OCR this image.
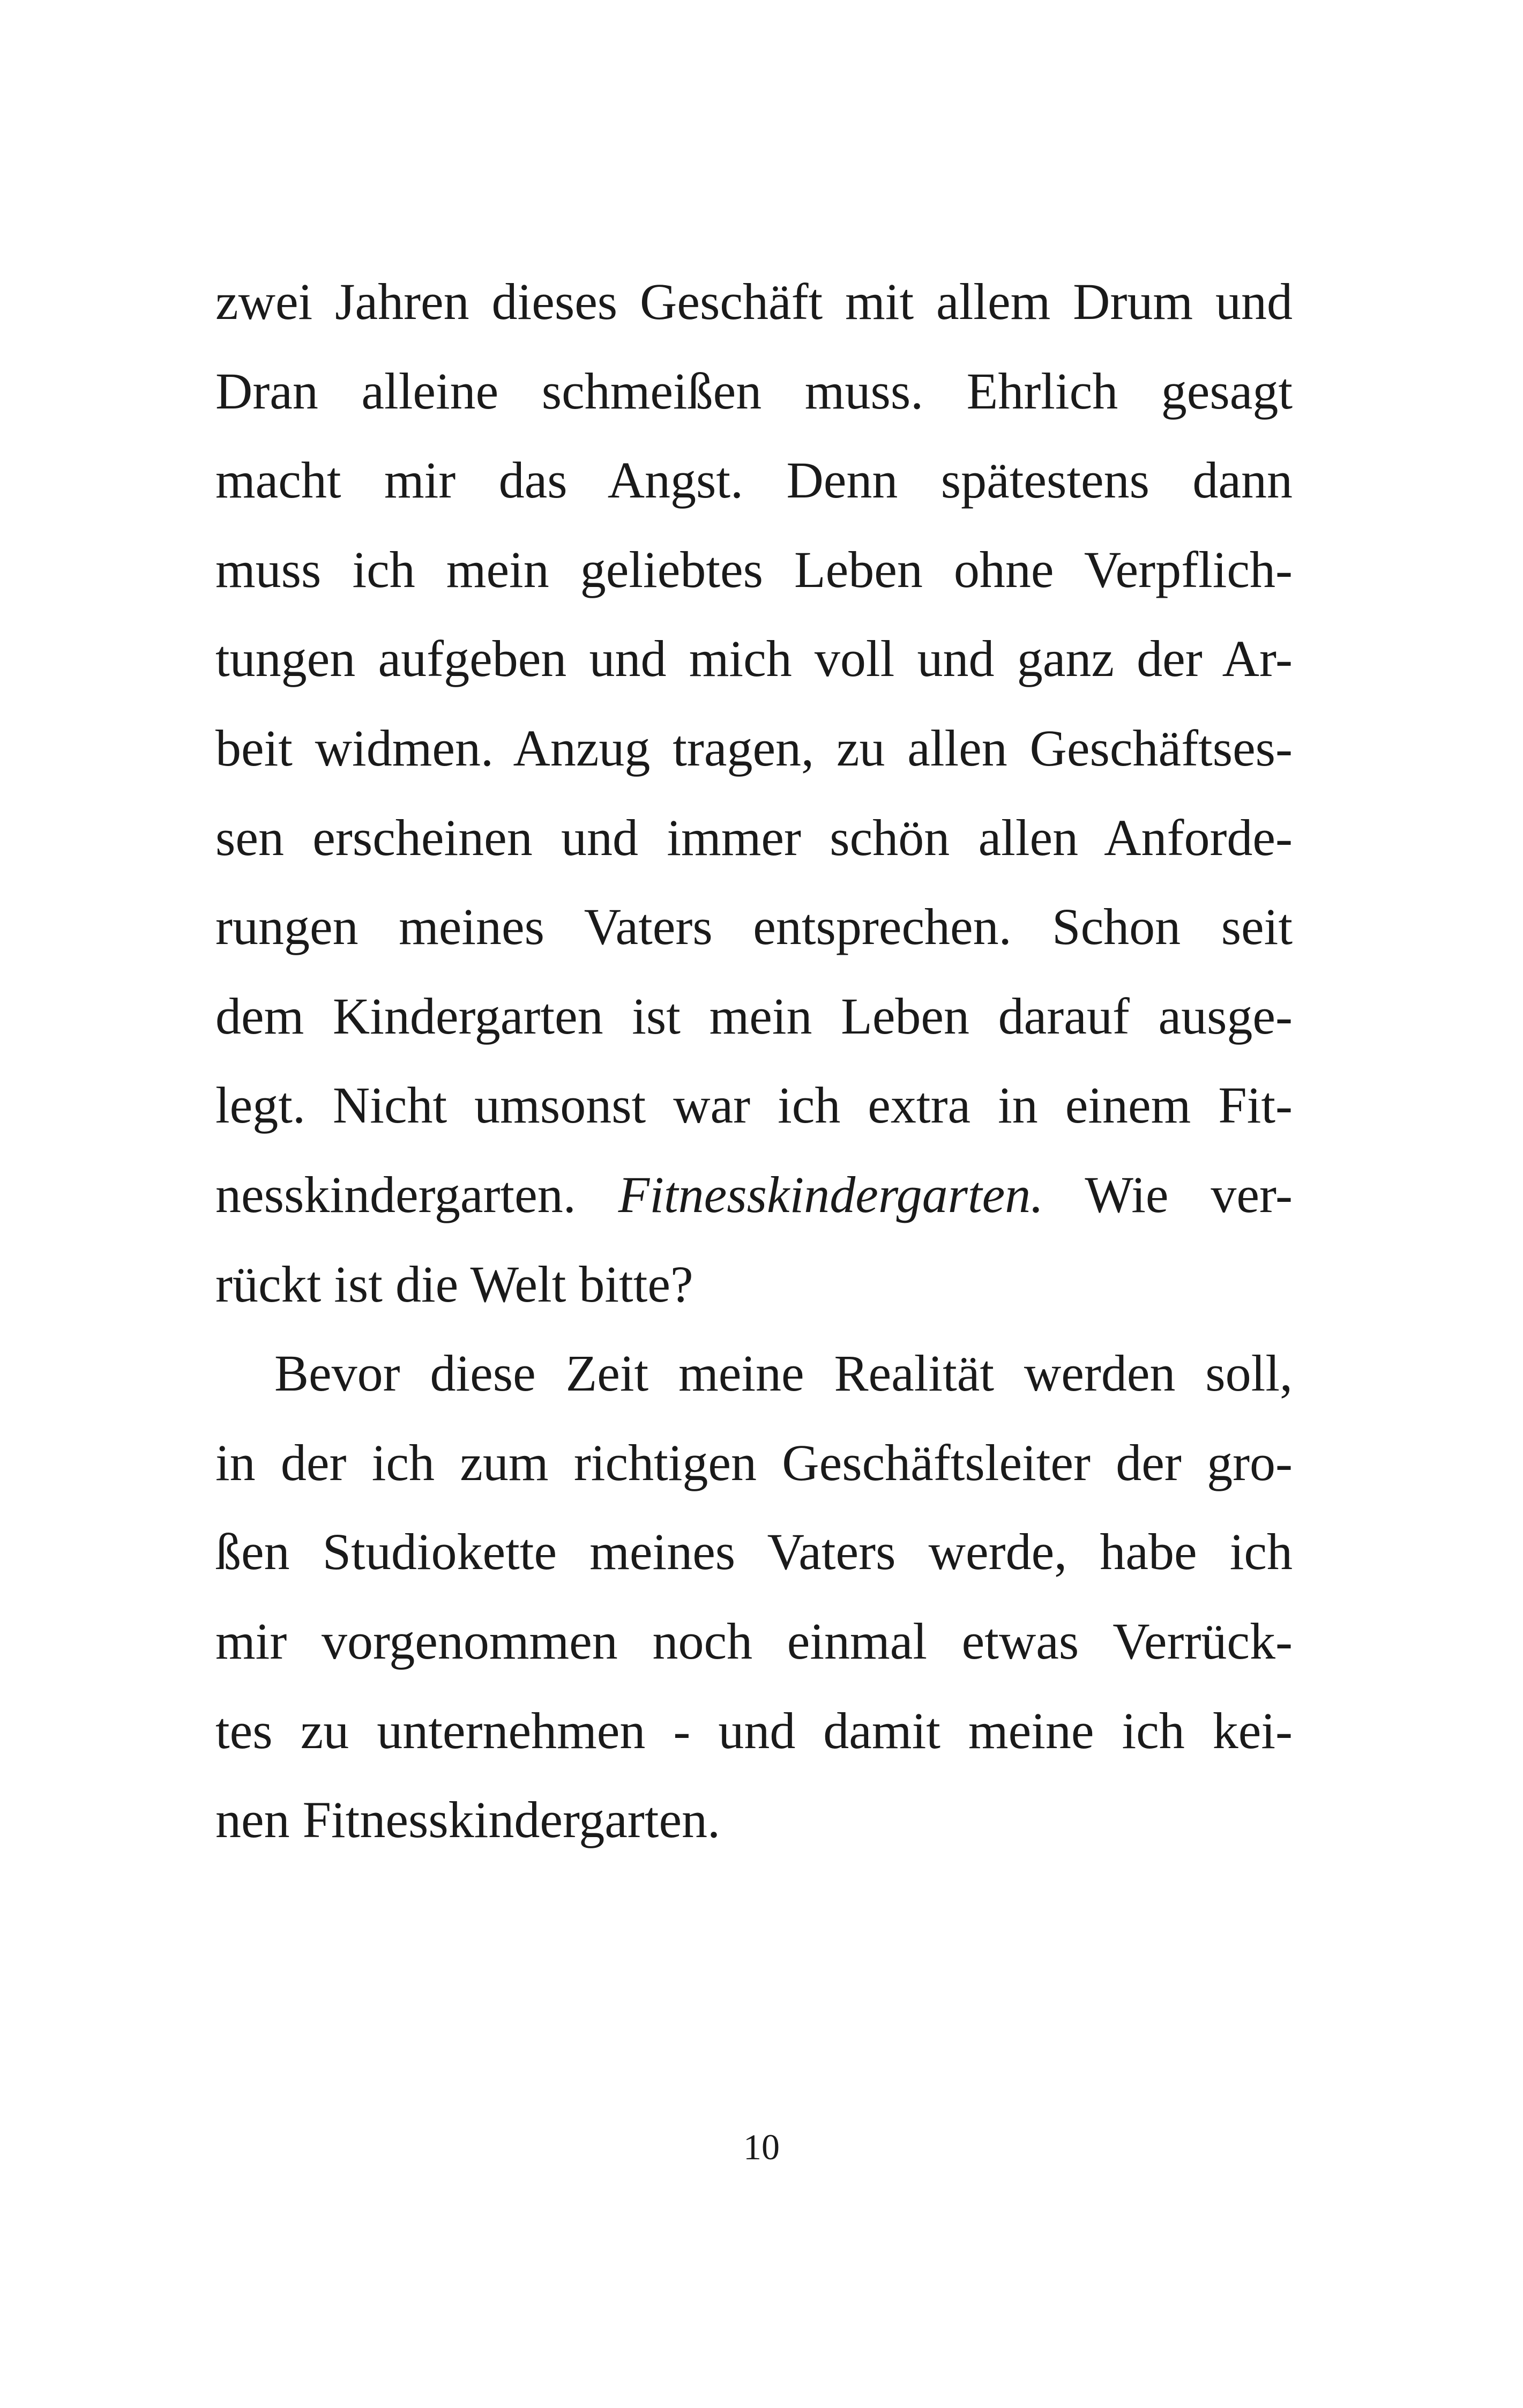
zwei Jahren dieses Geschäft mit allem Drum und
Dran alleine schmeißen muss. Ehrlich gesagt
macht mir das Angst. Denn spätestens dann
muss ich mein geliebtes Leben ohne Verpflich-
tungen aufgeben und mich voll und ganz der Ar-
beit widmen. Anzug tragen, zu allen Geschäftses-
sen erscheinen und immer schön allen Anforde-
rungen meines Vaters entsprechen. Schon seit
dem Kindergarten ist mein Leben darauf ausge-
legt. Nicht umsonst war ich extra in einem Fit-
nesskindergarten. Fitnesskindergarten. Wie ver-
rückt ist die Welt bitte?
Bevor diese Zeit meine Realität werden soll,
in der ich zum richtigen Geschäftsleiter der gro-
ßen Studiokette meines Vaters werde, habe ich
mir vorgenommen noch einmal etwas Verrück-
tes zu unternehmen - und damit meine ich kei-
nen Fitnesskindergarten.
10
